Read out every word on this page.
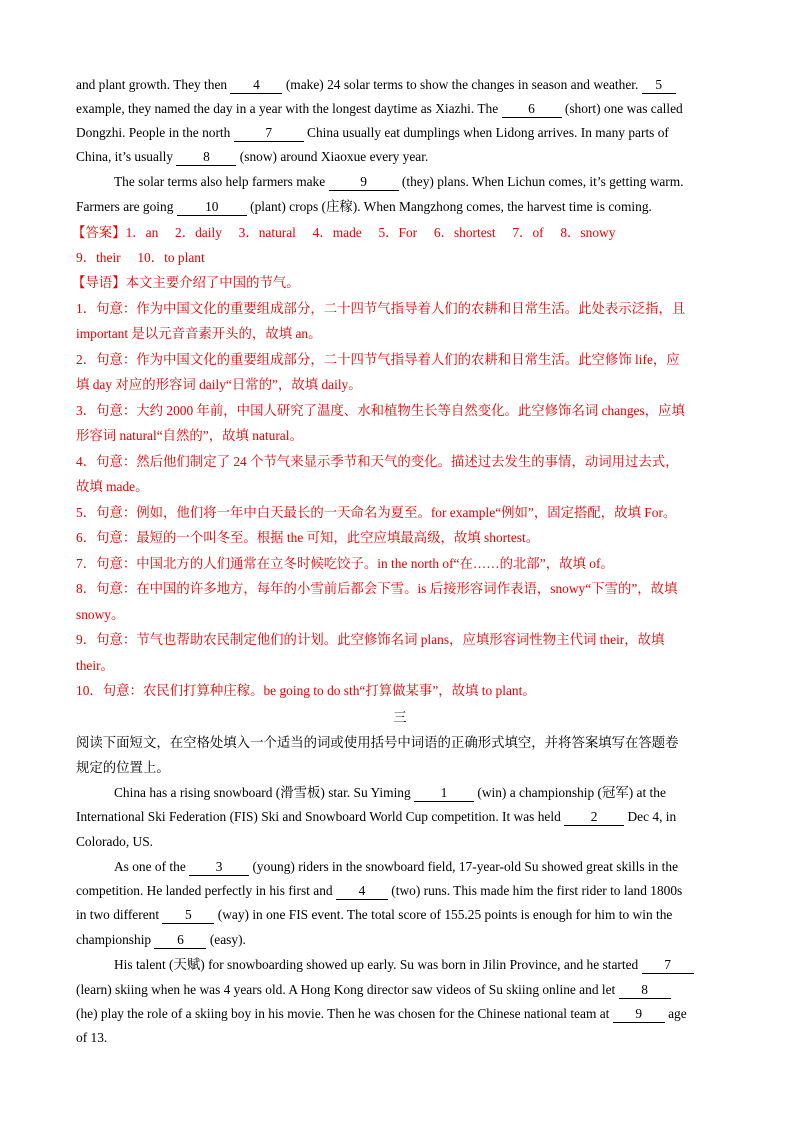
and plant growth. They then 4 (make) 24 solar terms to show the changes in season and weather. 5
example, they named the day in a year with the longest daytime as Xiazhi. The 6 (short) one was called
Dongzhi. People in the north 7 China usually eat dumplings when Lidong arrives. In many parts of
China, it’s usually 8 (snow) around Xiaoxue every year.
The solar terms also help farmers make 9 (they) plans. When Lichun comes, it’s getting warm.
Farmers are going 10 (plant) crops (庄稼). When Mangzhong comes, the harvest time is coming.
【答案】1．an　 2．daily　 3．natural　 4．made　 5．For　 6．shortest　 7．of　 8．snowy
9．their　 10．to plant
【导语】本文主要介绍了中国的节气。
1．句意：作为中国文化的重要组成部分，二十四节气指导着人们的农耕和日常生活。此处表示泛指，且
important 是以元音音素开头的，故填 an。
2．句意：作为中国文化的重要组成部分，二十四节气指导着人们的农耕和日常生活。此空修饰 life，应
填 day 对应的形容词 daily“日常的”，故填 daily。
3．句意：大约 2000 年前，中国人研究了温度、水和植物生长等自然变化。此空修饰名词 changes，应填
形容词 natural“自然的”，故填 natural。
4．句意：然后他们制定了 24 个节气来显示季节和天气的变化。描述过去发生的事情，动词用过去式，
故填 made。
5．句意：例如，他们将一年中白天最长的一天命名为夏至。for example“例如”，固定搭配，故填 For。
6．句意：最短的一个叫冬至。根据 the 可知，此空应填最高级，故填 shortest。
7．句意：中国北方的人们通常在立冬时候吃饺子。in the north of“在……的北部”，故填 of。
8．句意：在中国的许多地方，每年的小雪前后都会下雪。is 后接形容词作表语，snowy“下雪的”，故填
snowy。
9．句意：节气也帮助农民制定他们的计划。此空修饰名词 plans，应填形容词性物主代词 their，故填
their。
10．句意：农民们打算种庄稼。be going to do sth“打算做某事”，故填 to plant。
三
阅读下面短文，在空格处填入一个适当的词或使用括号中词语的正确形式填空，并将答案填写在答题卷
规定的位置上。
China has a rising snowboard (滑雪板) star. Su Yiming 1 (win) a championship (冠军) at the
International Ski Federation (FIS) Ski and Snowboard World Cup competition. It was held 2 Dec 4, in
Colorado, US.
As one of the 3 (young) riders in the snowboard field, 17-year-old Su showed great skills in the
competition. He landed perfectly in his first and 4 (two) runs. This made him the first rider to land 1800s
in two different 5 (way) in one FIS event. The total score of 155.25 points is enough for him to win the
championship 6 (easy).
His talent (天赋) for snowboarding showed up early. Su was born in Jilin Province, and he started 7
(learn) skiing when he was 4 years old. A Hong Kong director saw videos of Su skiing online and let 8
(he) play the role of a skiing boy in his movie. Then he was chosen for the Chinese national team at 9 age
of 13.
